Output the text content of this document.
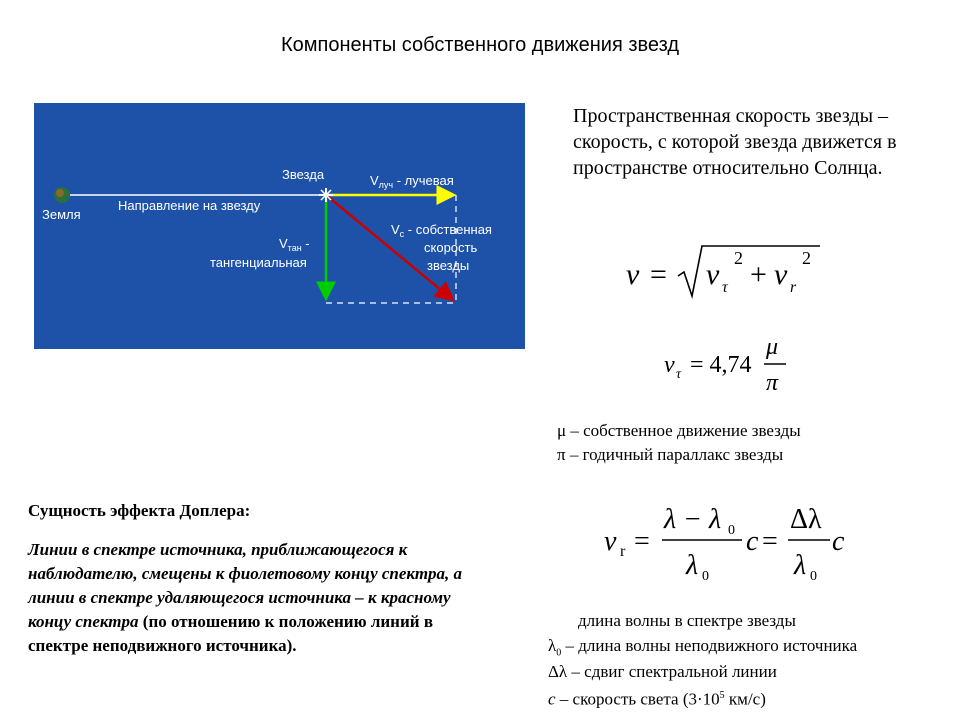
Компоненты собственного движения звезд
Земля
Направление на звезду
Звезда	$V_{луч}$ - лучевая
$V_{тан}$ -
тангенциальная
$V_c$ - собственная
скорость
звезды
Пространственная скорость звезды – скорость, с которой звезда движется в пространстве относительно Солнца.
v = v τ
2 + v r
2
v τ = 4,74
μ
π
μ – собственное движение звезды
π – годичный параллакс звезды
Сущность эффекта Доплера:
Линии в спектре источника, приближающегося к наблюдателю, смещены к фиолетовому концу спектра, а линии в спектре удаляющегося источника – к красному концу спектра (по отношению к положению линий в спектре неподвижного источника).
v r =
λ − λ 0
λ 0
c =
Δλ
λ 0
c
длина волны в спектре звезды
$\lambda_0$ – длина волны неподвижного источника
Δλ – сдвиг спектральной линии
c – скорость света ($3\cdot 10^5$ км/с)
